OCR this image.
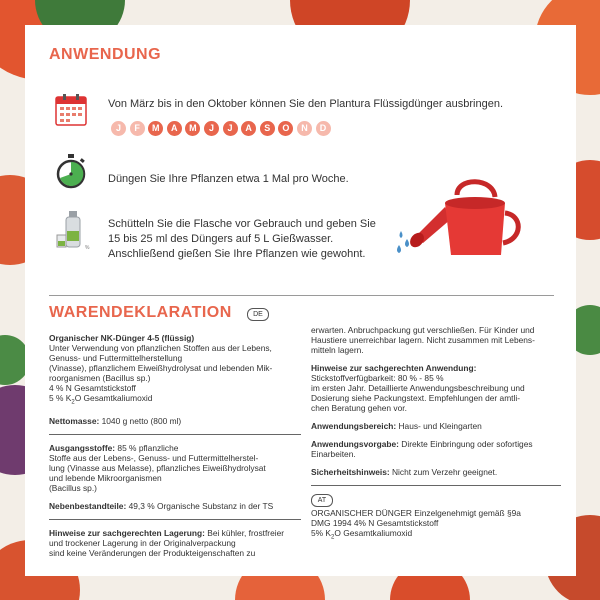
ANWENDUNG
Von März bis in den Oktober können Sie den Plantura Flüssigdünger ausbringen.
J	F	M	A	M	J	J	A	S	O	N	D
Düngen Sie Ihre Pflanzen etwa 1 Mal pro Woche.
%
Schütteln Sie die Flasche vor Gebrauch und geben Sie
15 bis 25 ml des Düngers auf 5 L Gießwasser.
Anschließend gießen Sie Ihre Pflanzen wie gewohnt.
WARENDEKLARATION	DE

Organischer NK-Dünger 4-5 (flüssig)

Unter Verwendung von pflanzlichen Stoffen aus der Lebens,

Genuss- und Futtermittelherstellung

(Vinasse), pflanzlichem Eiweißhydrolysat und lebenden Mik-

roorganismen (Bacillus sp.)

4 % N Gesamtstickstoff

5 % $K_2O$ Gesamtkaliumoxid

Nettomasse: 1040 g netto (800 ml)

Ausgangsstoffe: 85 % pflanzliche

Stoffe aus der Lebens-, Genuss- und Futtermittelherstel-

lung (Vinasse aus Melasse), pflanzliches Eiweißhydrolysat

und lebende Mikroorganismen

(Bacillus sp.)

Nebenbestandteile: 49,3 % Organische Substanz in der TS

Hinweise zur sachgerechten Lagerung: Bei kühler, frostfreier

und trockener Lagerung in der Originalverpackung

sind keine Veränderungen der Produkteigenschaften zu

erwarten. Anbruchpackung gut verschließen. Für Kinder und

Haustiere unerreichbar lagern. Nicht zusammen mit Lebens-

mitteln lagern.

Hinweise zur sachgerechten Anwendung:

Stickstoffverfügbarkeit: 80 % - 85 %

im ersten Jahr. Detaillierte Anwendungsbeschreibung und

Dosierung siehe Packungstext. Empfehlungen der amtli-

chen Beratung gehen vor.

Anwendungsbereich: Haus- und Kleingarten

Anwendungsvorgabe: Direkte Einbringung oder sofortiges

Einarbeiten.

Sicherheitshinweis: Nicht zum Verzehr geeignet.

AT

ORGANISCHER DÜNGER Einzelgenehmigt gemäß §9a

DMG 1994 4% N Gesamtstickstoff

5% $K_2O$ Gesamtkaliumoxid
